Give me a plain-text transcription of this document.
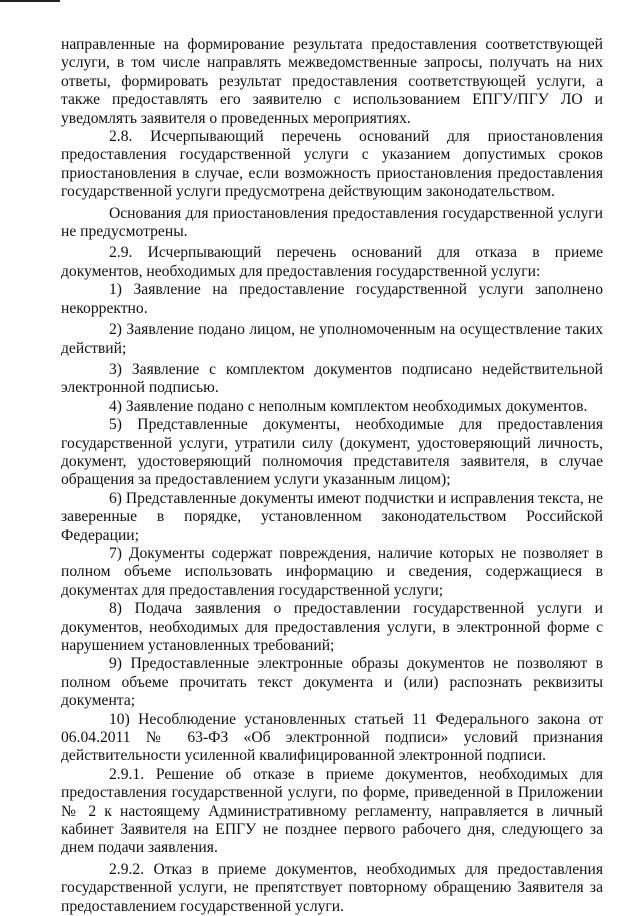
направленные на формирование результата предоставления соответствующей услуги, в том числе направлять межведомственные запросы, получать на них ответы, формировать результат предоставления соответствующей услуги, а также предоставлять его заявителю с использованием ЕПГУ/ПГУ ЛО и уведомлять заявителя о проведенных мероприятиях.

2.8. Исчерпывающий перечень оснований для приостановления предоставления государственной услуги с указанием допустимых сроков приостановления в случае, если возможность приостановления предоставления государственной услуги предусмотрена действующим законодательством.

Основания для приостановления предоставления государственной услуги не предусмотрены.

2.9. Исчерпывающий перечень оснований для отказа в приеме документов, необходимых для предоставления государственной услуги:

1) Заявление на предоставление государственной услуги заполнено некорректно.

2) Заявление подано лицом, не уполномоченным на осуществление таких действий;

3) Заявление с комплектом документов подписано недействительной электронной подписью.

4) Заявление подано с неполным комплектом необходимых документов.

5) Представленные документы, необходимые для предоставления государственной услуги, утратили силу (документ, удостоверяющий личность, документ, удостоверяющий полномочия представителя заявителя, в случае обращения за предоставлением услуги указанным лицом);

6) Представленные документы имеют подчистки и исправления текста, не заверенные в порядке, установленном законодательством Российской Федерации;

7) Документы содержат повреждения, наличие которых не позволяет в полном объеме использовать информацию и сведения, содержащиеся в документах для предоставления государственной услуги;

8) Подача заявления о предоставлении государственной услуги и документов, необходимых для предоставления услуги, в электронной форме с нарушением установленных требований;

9) Предоставленные электронные образы документов не позволяют в полном объеме прочитать текст документа и (или) распознать реквизиты документа;

10) Несоблюдение установленных статьей 11 Федерального закона от 06.04.2011 № 63-ФЗ «Об электронной подписи» условий признания действительности усиленной квалифицированной электронной подписи.

2.9.1. Решение об отказе в приеме документов, необходимых для предоставления государственной услуги, по форме, приведенной в Приложении № 2 к настоящему Административному регламенту, направляется в личный кабинет Заявителя на ЕПГУ не позднее первого рабочего дня, следующего за днем подачи заявления.

2.9.2. Отказ в приеме документов, необходимых для предоставления государственной услуги, не препятствует повторному обращению Заявителя за предоставлением государственной услуги.
